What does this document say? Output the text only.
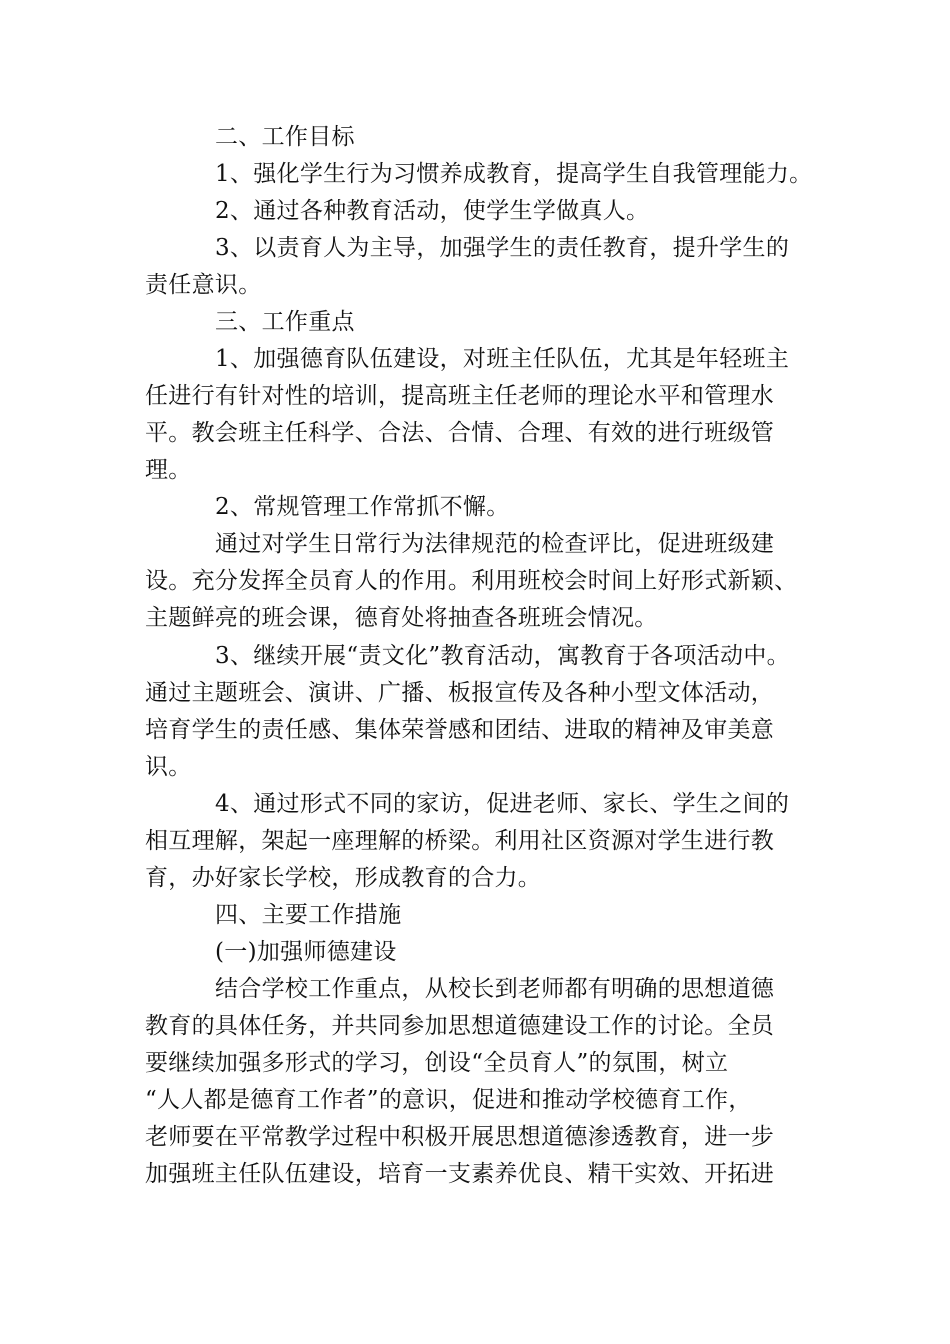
二、工作目标
1、强化学生行为习惯养成教育，提高学生自我管理能力。
2、通过各种教育活动，使学生学做真人。
3、以责育人为主导，加强学生的责任教育，提升学生的
责任意识。
三、工作重点
1、加强德育队伍建设，对班主任队伍，尤其是年轻班主
任进行有针对性的培训，提高班主任老师的理论水平和管理水
平。教会班主任科学、合法、合情、合理、有效的进行班级管
理。
2、常规管理工作常抓不懈。
通过对学生日常行为法律规范的检查评比，促进班级建
设。充分发挥全员育人的作用。利用班校会时间上好形式新颖、
主题鲜亮的班会课，德育处将抽查各班班会情况。
3、继续开展“责文化”教育活动，寓教育于各项活动中。
通过主题班会、演讲、广播、板报宣传及各种小型文体活动，
培育学生的责任感、集体荣誉感和团结、进取的精神及审美意
识。
4、通过形式不同的家访，促进老师、家长、学生之间的
相互理解，架起一座理解的桥梁。利用社区资源对学生进行教
育，办好家长学校，形成教育的合力。
四、主要工作措施
(一)加强师德建设
结合学校工作重点，从校长到老师都有明确的思想道德
教育的具体任务，并共同参加思想道德建设工作的讨论。全员
要继续加强多形式的学习，创设“全员育人”的氛围，树立
“人人都是德育工作者”的意识，促进和推动学校德育工作，
老师要在平常教学过程中积极开展思想道德渗透教育，进一步
加强班主任队伍建设，培育一支素养优良、精干实效、开拓进
